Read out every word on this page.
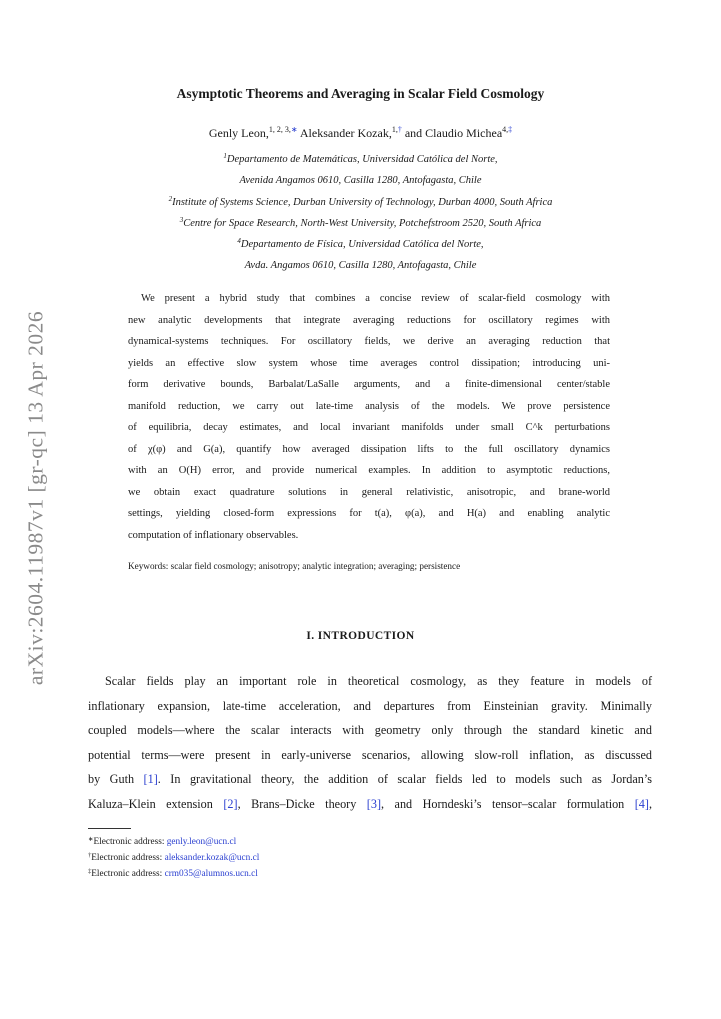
arXiv:2604.11987v1 [gr-qc] 13 Apr 2026
Asymptotic Theorems and Averaging in Scalar Field Cosmology
Genly Leon,$^{1, 2, 3,∗}$ Aleksander Kozak,$^{1,\dagger}$ and Claudio Michea$^{4,\ddagger}$
$^1$Departamento de Matemáticas, Universidad Católica del Norte,
Avenida Angamos 0610, Casilla 1280, Antofagasta, Chile
$^2$Institute of Systems Science, Durban University of Technology, Durban 4000, South Africa
$^3$Centre for Space Research, North-West University, Potchefstroom 2520, South Africa
$^4$Departamento de Física, Universidad Católica del Norte,
Avda. Angamos 0610, Casilla 1280, Antofagasta, Chile
We present a hybrid study that combines a concise review of scalar-field cosmology with
new analytic developments that integrate averaging reductions for oscillatory regimes with
dynamical-systems techniques. For oscillatory fields, we derive an averaging reduction that
yields an effective slow system whose time averages control dissipation; introducing uni-
form derivative bounds, Barbalat/LaSalle arguments, and a finite-dimensional center/stable
manifold reduction, we carry out late-time analysis of the models. We prove persistence
of equilibria, decay estimates, and local invariant manifolds under small C^k perturbations
of χ(φ) and G(a), quantify how averaged dissipation lifts to the full oscillatory dynamics
with an O(H) error, and provide numerical examples. In addition to asymptotic reductions,
we obtain exact quadrature solutions in general relativistic, anisotropic, and brane-world
settings, yielding closed-form expressions for t(a), φ(a), and H(a) and enabling analytic
computation of inflationary observables.
Keywords: scalar field cosmology; anisotropy; analytic integration; averaging; persistence
I. INTRODUCTION
Scalar fields play an important role in theoretical cosmology, as they feature in models of
inflationary expansion, late-time acceleration, and departures from Einsteinian gravity. Minimally
coupled models—where the scalar interacts with geometry only through the standard kinetic and
potential terms—were present in early-universe scenarios, allowing slow-roll inflation, as discussed
by Guth [1]. In gravitational theory, the addition of scalar fields led to models such as Jordan’s
Kaluza–Klein extension [2], Brans–Dicke theory [3], and Horndeski’s tensor–scalar formulation [4],
∗Electronic address: genly.leon@ucn.cl
†Electronic address: aleksander.kozak@ucn.cl
‡Electronic address: crm035@alumnos.ucn.cl
